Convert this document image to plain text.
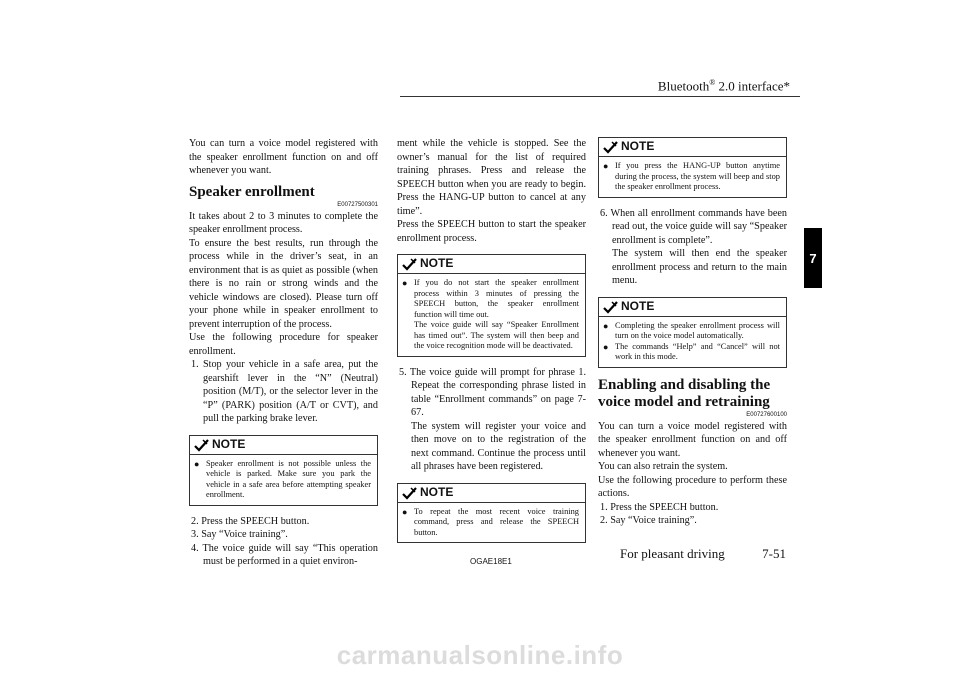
Bluetooth® 2.0 interface*
7

You can turn a voice model registered with the speaker enrollment function on and off whenever you want.

Speaker enrollment
E00727500301

It takes about 2 to 3 minutes to complete the speaker enrollment process.

To ensure the best results, run through the process while in the driver’s seat, in an environment that is as quiet as possible (when there is no rain or strong winds and the vehicle windows are closed). Please turn off your phone while in speaker enrollment to prevent interruption of the process.

Use the following procedure for speaker enrollment.

1. Stop your vehicle in a safe area, put the gearshift lever in the “N” (Neutral) position (M/T), or the selector lever in the “P” (PARK) position (A/T or CVT), and pull the parking brake lever.

NOTE
● Speaker enrollment is not possible unless the vehicle is parked. Make sure you park the vehicle in a safe area before attempting speaker enrollment.

2. Press the SPEECH button.

3. Say “Voice training”.

4. The voice guide will say “This operation must be performed in a quiet environ-

ment while the vehicle is stopped. See the owner’s manual for the list of required training phrases. Press and release the SPEECH button when you are ready to begin. Press the HANG-UP button to cancel at any time”.

Press the SPEECH button to start the speaker enrollment process.

NOTE
● If you do not start the speaker enrollment process within 3 minutes of pressing the SPEECH button, the speaker enrollment function will time out.
The voice guide will say “Speaker Enrollment has timed out”. The system will then beep and the voice recognition mode will be deactivated.

5. The voice guide will prompt for phrase 1. Repeat the corresponding phrase listed in table “Enrollment commands” on page 7-67.

The system will register your voice and then move on to the registration of the next command. Continue the process until all phrases have been registered.

NOTE
● To repeat the most recent voice training command, press and release the SPEECH button.
NOTE
● If you press the HANG-UP button anytime during the process, the system will beep and stop the speaker enrollment process.

6. When all enrollment commands have been read out, the voice guide will say “Speaker enrollment is complete”.

The system will then end the speaker enrollment process and return to the main menu.

NOTE
● Completing the speaker enrollment process will turn on the voice model automatically.
● The commands “Help” and “Cancel” will not work in this mode.
Enabling and disabling the voice model and retraining
E00727600100

You can turn a voice model registered with the speaker enrollment function on and off whenever you want.

You can also retrain the system.

Use the following procedure to perform these actions.

1. Press the SPEECH button.

2. Say “Voice training”.

OGAE18E1
For pleasant driving	7-51
carmanualsonline.info
